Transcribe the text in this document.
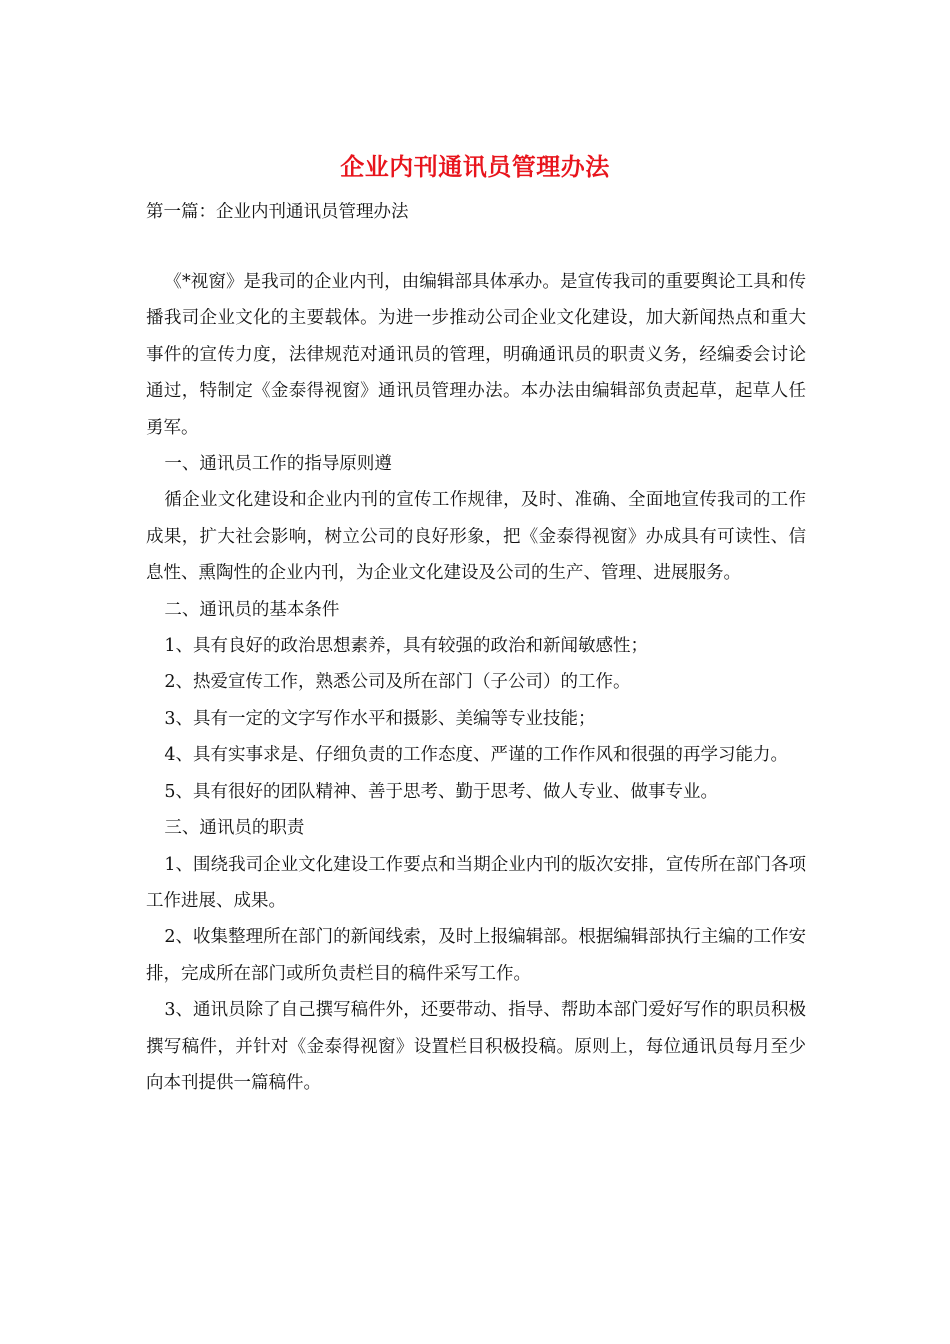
企业内刊通讯员管理办法
第一篇：企业内刊通讯员管理办法

《*视窗》是我司的企业内刊，由编辑部具体承办。是宣传我司的重要舆论工具和传播我司企业文化的主要载体。为进一步推动公司企业文化建设，加大新闻热点和重大事件的宣传力度，法律规范对通讯员的管理，明确通讯员的职责义务，经编委会讨论通过，特制定《金泰得视窗》通讯员管理办法。本办法由编辑部负责起草，起草人任勇军。

一、通讯员工作的指导原则遵

循企业文化建设和企业内刊的宣传工作规律，及时、准确、全面地宣传我司的工作成果，扩大社会影响，树立公司的良好形象，把《金泰得视窗》办成具有可读性、信息性、熏陶性的企业内刊，为企业文化建设及公司的生产、管理、进展服务。

二、通讯员的基本条件

1、具有良好的政治思想素养，具有较强的政治和新闻敏感性；

2、热爱宣传工作，熟悉公司及所在部门（子公司）的工作。

3、具有一定的文字写作水平和摄影、美编等专业技能；

4、具有实事求是、仔细负责的工作态度、严谨的工作作风和很强的再学习能力。

5、具有很好的团队精神、善于思考、勤于思考、做人专业、做事专业。

三、通讯员的职责

1、围绕我司企业文化建设工作要点和当期企业内刊的版次安排，宣传所在部门各项工作进展、成果。

2、收集整理所在部门的新闻线索，及时上报编辑部。根据编辑部执行主编的工作安排，完成所在部门或所负责栏目的稿件采写工作。

3、通讯员除了自己撰写稿件外，还要带动、指导、帮助本部门爱好写作的职员积极撰写稿件，并针对《金泰得视窗》设置栏目积极投稿。原则上，每位通讯员每月至少向本刊提供一篇稿件。
